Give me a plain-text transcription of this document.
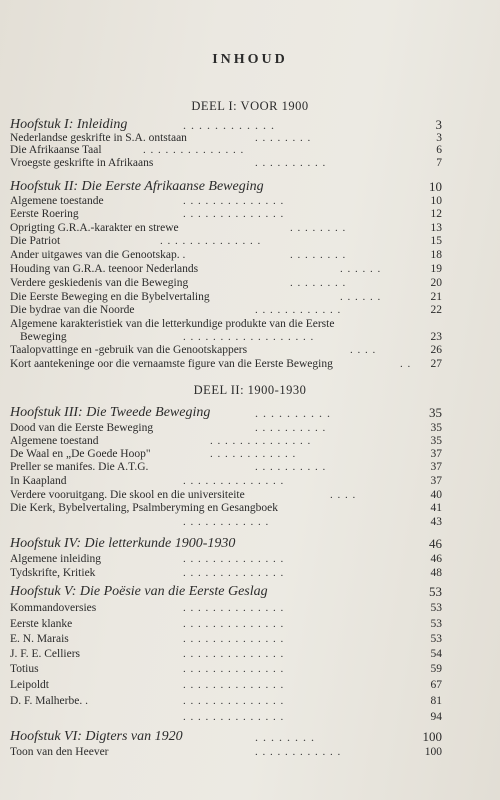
INHOUD
DEEL I: VOOR 1900
DEEL II: 1900-1930
Hoofstuk I: Inleiding	. . . . . . . . . . . .	3
Nederlandse geskrifte in S.A. ontstaan	. . . . . . . .	3
Die Afrikaanse Taal	. . . . . . . . . . . . . .	6
Vroegste geskrifte in Afrikaans	. . . . . . . . . .	7
Hoofstuk II: Die Eerste Afrikaanse Beweging	10
Algemene toestande	. . . . . . . . . . . . . .	10
Eerste Roering	. . . . . . . . . . . . . .	12
Oprigting G.R.A.-karakter en strewe	. . . . . . . .	13
Die Patriot	. . . . . . . . . . . . . .	15
Ander uitgawes van die Genootskap. .	. . . . . . . .	18
Houding van G.R.A. teenoor Nederlands	. . . . . .	19
Verdere geskiedenis van die Beweging	. . . . . . . .	20
Die Eerste Beweging en die Bybelvertaling	. . . . . .	21
Die bydrae van die Noorde	. . . . . . . . . . . .	22
Algemene karakteristiek van die letterkundige produkte van die Eerste
Beweging	. . . . . . . . . . . . . . . . . .	23
Taalopvattinge en -gebruik van die Genootskappers	. . . .	26
Kort aantekeninge oor die vernaamste figure van die Eerste Beweging	. . 27
Hoofstuk III: Die Tweede Beweging	. . . . . . . . . .	35
Dood van die Eerste Beweging	. . . . . . . . . .	35
Algemene toestand	. . . . . . . . . . . . . .	35
De Waal en „De Goede Hoop"	. . . . . . . . . . . .	37
Preller se manifes. Die A.T.G.	. . . . . . . . . .	37
In Kaapland	. . . . . . . . . . . . . .	37
Verdere vooruitgang. Die skool en die universiteite	. . . .	40
Die Kerk, Bybelvertaling, Psalmberyming en Gesangboek	41
. . . . . . . . . . . .	43
Hoofstuk IV: Die letterkunde 1900-1930	46
Algemene inleiding	. . . . . . . . . . . . . .	46
Tydskrifte, Kritiek	. . . . . . . . . . . . . .	48
Hoofstuk V: Die Poësie van die Eerste Geslag	53
Kommandoversies	. . . . . . . . . . . . . .	53
Eerste klanke	. . . . . . . . . . . . . .	53
E. N. Marais	. . . . . . . . . . . . . .	53
J. F. E. Celliers	. . . . . . . . . . . . . .	54
Totius	. . . . . . . . . . . . . .	59
Leipoldt	. . . . . . . . . . . . . .	67
D. F. Malherbe. .	. . . . . . . . . . . . . .	81
. . . . . . . . . . . . . .	94
Hoofstuk VI: Digters van 1920	. . . . . . . .	100
Toon van den Heever	. . . . . . . . . . . .	100
